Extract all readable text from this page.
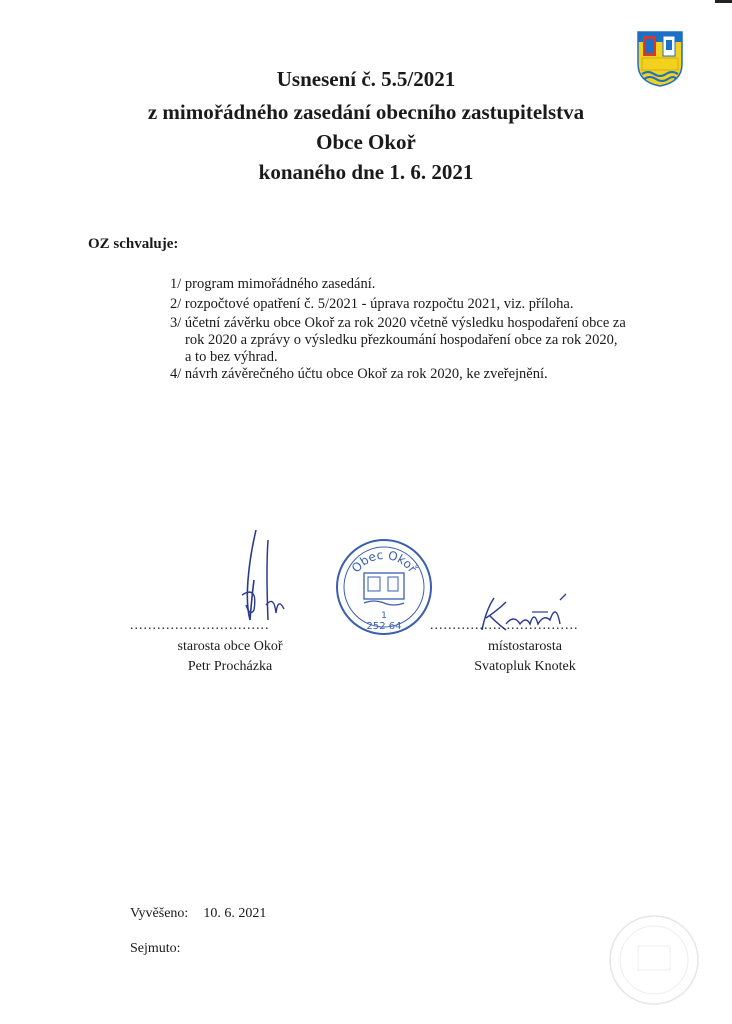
Usnesení č. 5.5/2021
z mimořádného zasedání obecního zastupitelstva
Obce Okoř
konaného dne 1. 6. 2021
OZ schvaluje:
1/ program mimořádného zasedání.
2/ rozpočtové opatření č. 5/2021 - úprava rozpočtu 2021, viz. příloha.
3/ účetní závěrku obce Okoř za rok 2020 včetně výsledku hospodaření obce za
rok 2020 a zprávy o výsledku přezkoumání hospodaření obce za rok 2020,
a to bez výhrad.
4/ návrh závěrečného účtu obce Okoř za rok 2020, ke zveřejnění.
Obec Okoř
1
252 64
...............................	.................................
starosta obce Okoř
Petr Procházka
místostarosta
Svatopluk Knotek
Vyvěšeno: 10. 6. 2021
Sejmuto:
